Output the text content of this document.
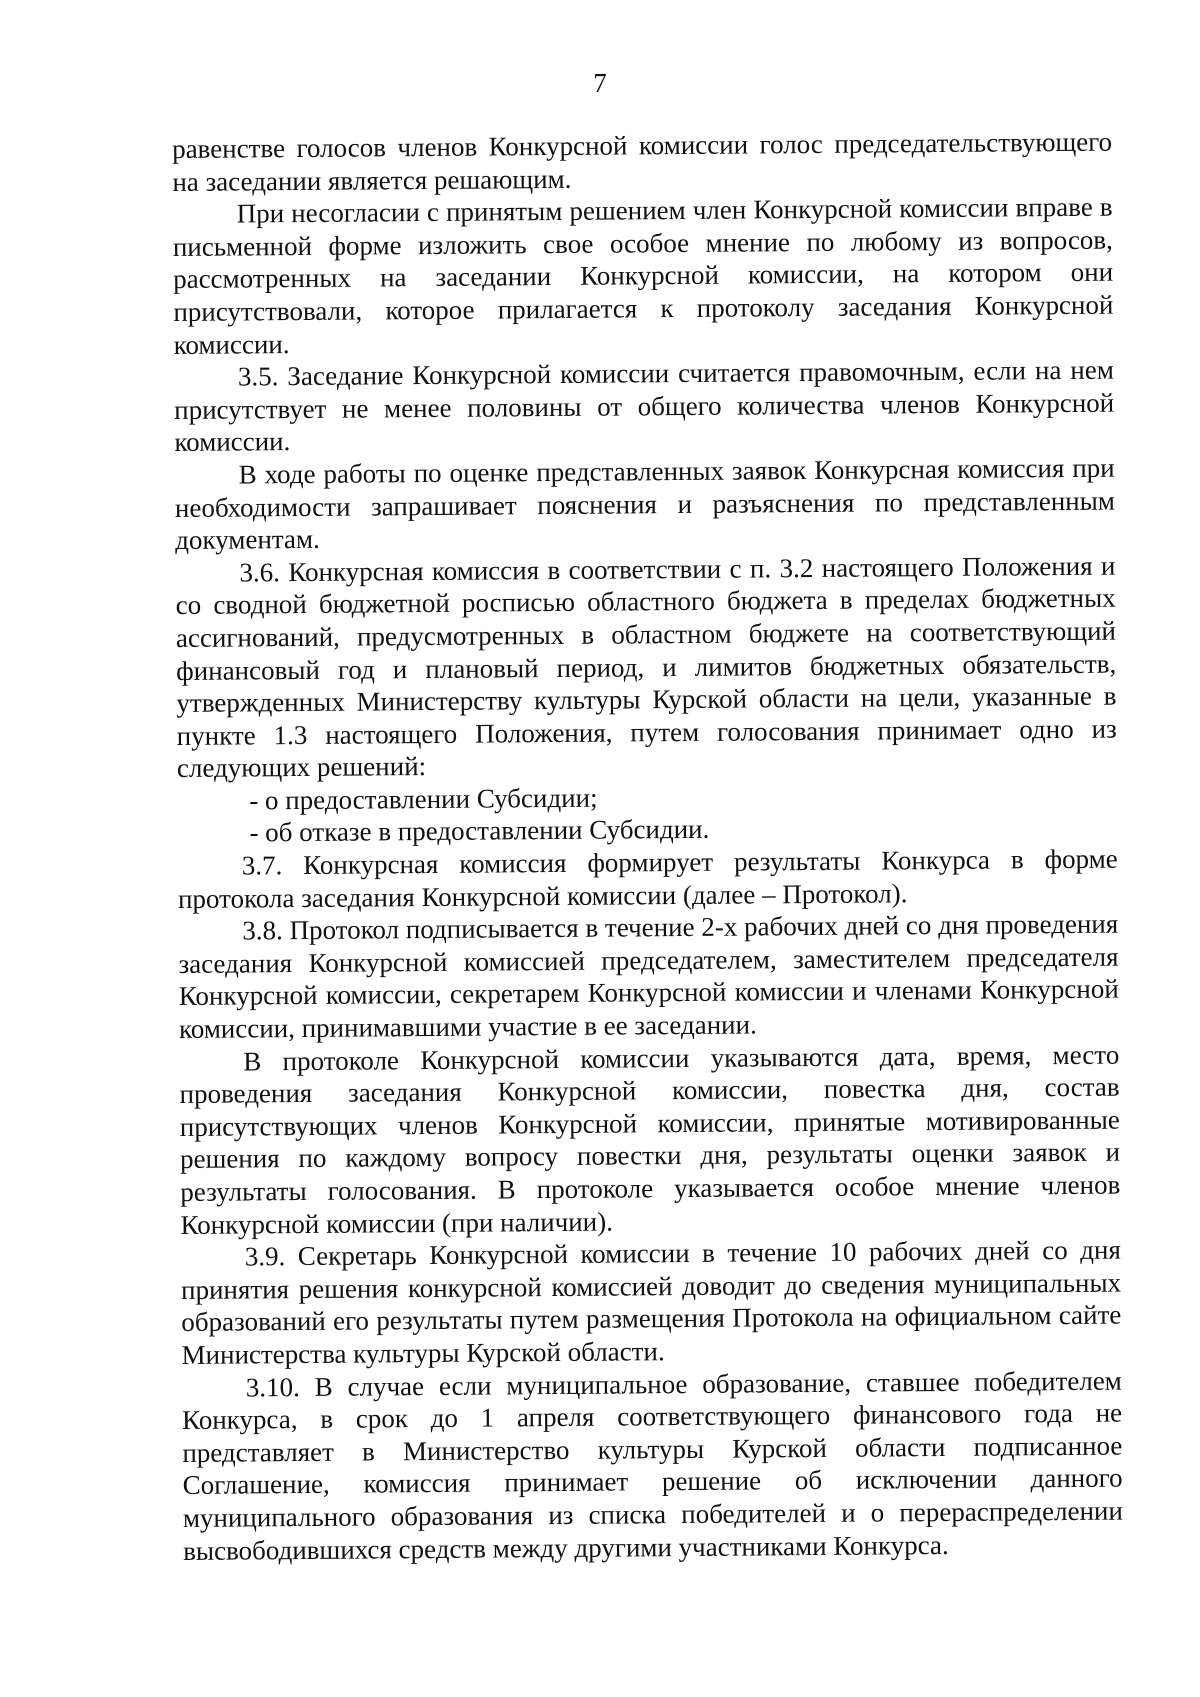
7

равенстве голосов членов Конкурсной комиссии голос председательствующего на заседании является решающим.

При несогласии с принятым решением член Конкурсной комиссии вправе в письменной форме изложить свое особое мнение по любому из вопросов, рассмотренных на заседании Конкурсной комиссии, на котором они присутствовали, которое прилагается к протоколу заседания Конкурсной комиссии.

3.5. Заседание Конкурсной комиссии считается правомочным, если на нем присутствует не менее половины от общего количества членов Конкурсной комиссии.

В ходе работы по оценке представленных заявок Конкурсная комиссия при необходимости запрашивает пояснения и разъяснения по представленным документам.

3.6. Конкурсная комиссия в соответствии с п. 3.2 настоящего Положения и со сводной бюджетной росписью областного бюджета в пределах бюджетных ассигнований, предусмотренных в областном бюджете на соответствующий финансовый год и плановый период, и лимитов бюджетных обязательств, утвержденных Министерству культуры Курской области на цели, указанные в пункте 1.3 настоящего Положения, путем голосования принимает одно из следующих решений:

- о предоставлении Субсидии;

- об отказе в предоставлении Субсидии.

3.7. Конкурсная комиссия формирует результаты Конкурса в форме протокола заседания Конкурсной комиссии (далее – Протокол).

3.8. Протокол подписывается в течение 2-х рабочих дней со дня проведения заседания Конкурсной комиссией председателем, заместителем председателя Конкурсной комиссии, секретарем Конкурсной комиссии и членами Конкурсной комиссии, принимавшими участие в ее заседании.

В протоколе Конкурсной комиссии указываются дата, время, место проведения заседания Конкурсной комиссии, повестка дня, состав присутствующих членов Конкурсной комиссии, принятые мотивированные решения по каждому вопросу повестки дня, результаты оценки заявок и результаты голосования. В протоколе указывается особое мнение членов Конкурсной комиссии (при наличии).

3.9. Секретарь Конкурсной комиссии в течение 10 рабочих дней со дня принятия решения конкурсной комиссией доводит до сведения муниципальных образований его результаты путем размещения Протокола на официальном сайте Министерства культуры Курской области.

3.10. В случае если муниципальное образование, ставшее победителем Конкурса, в срок до 1 апреля соответствующего финансового года не представляет в Министерство культуры Курской области подписанное Соглашение, комиссия принимает решение об исключении данного муниципального образования из списка победителей и о перераспределении высвободившихся средств между другими участниками Конкурса.
